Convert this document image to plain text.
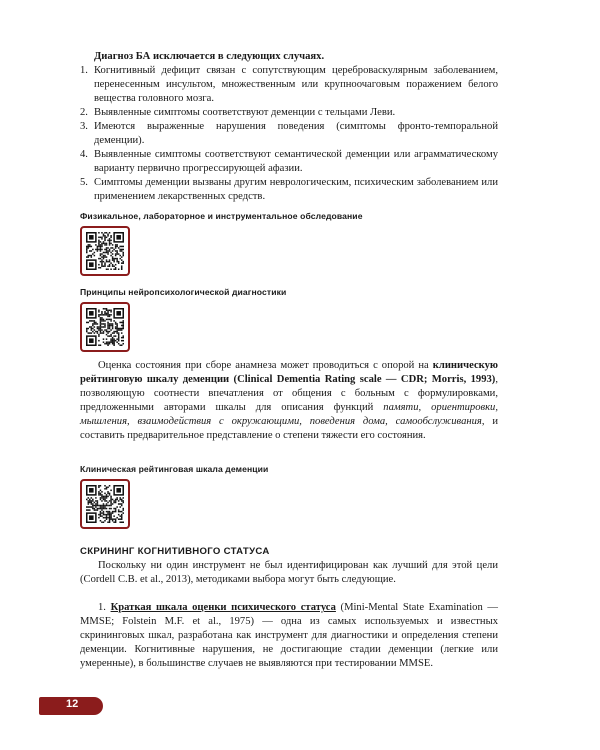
Диагноз БА исключается в следующих случаях.
1. Когнитивный дефицит связан с сопутствующим цереброваскулярным заболеванием, перенесенным инсультом, множественным или крупноочаговым поражением белого вещества головного мозга.
2. Выявленные симптомы соответствуют деменции с тельцами Леви.
3. Имеются выраженные нарушения поведения (симптомы фронто-темпоральной деменции).
4. Выявленные симптомы соответствуют семантической деменции или аграмматическому варианту первично прогрессирующей афазии.
5. Симптомы деменции вызваны другим неврологическим, психическим заболеванием или применением лекарственных средств.
Физикальное, лабораторное и инструментальное обследование
Принципы нейропсихологической диагностики
Оценка состояния при сборе анамнеза может проводиться с опорой на клиническую рейтинговую шкалу деменции (Clinical Dementia Rating scale — CDR; Morris, 1993), позволяющую соотнести впечатления от общения с больным с формулировками, предложенными авторами шкалы для описания функций памяти, ориентировки, мышления, взаимодействия с окружающими, поведения дома, самообслуживания, и составить предварительное представление о степени тяжести его состояния.
Клиническая рейтинговая шкала деменции
СКРИНИНГ КОГНИТИВНОГО СТАТУСА
Поскольку ни один инструмент не был идентифицирован как лучший для этой цели (Cordell C.B. et al., 2013), методиками выбора могут быть следующие.
1. Краткая шкала оценки психического статуса (Mini-Mental State Examination — MMSE; Folstein M.F. et al., 1975) — одна из самых используемых и известных скрининговых шкал, разработана как инструмент для диагностики и определения степени деменции. Когнитивные нарушения, не достигающие стадии деменции (легкие или умеренные), в большинстве случаев не выявляются при тестировании MMSE.
12
